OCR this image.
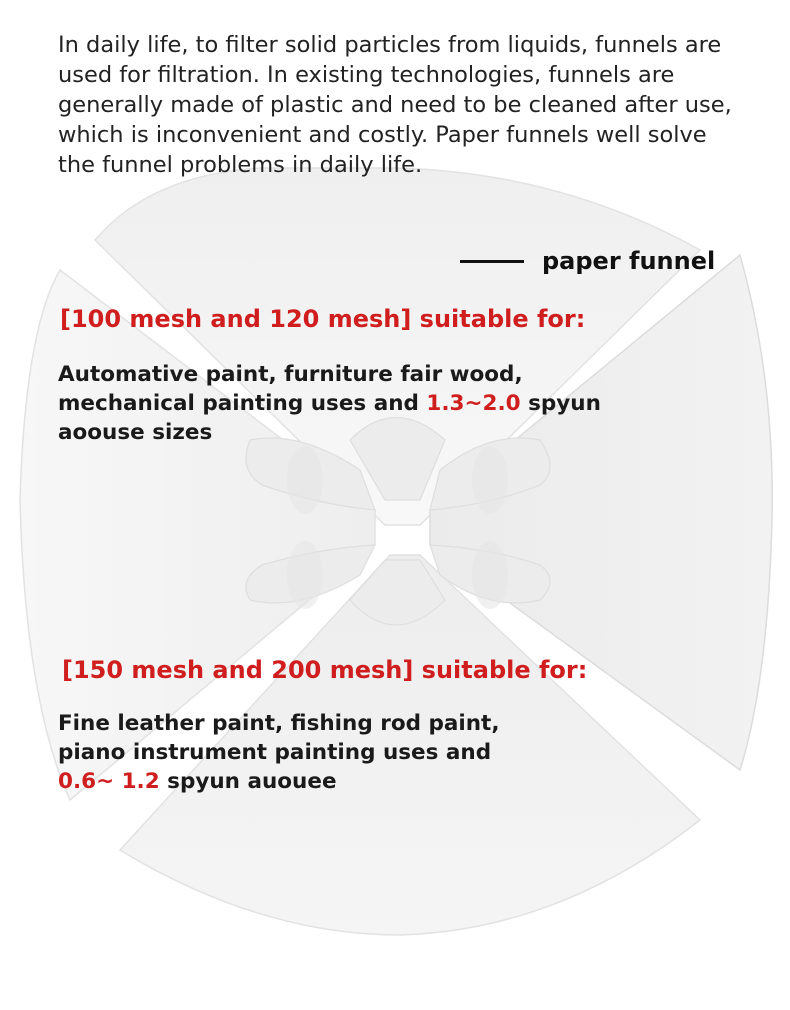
In daily life, to filter solid particles from liquids, funnels are
used for filtration. In existing technologies, funnels are
generally made of plastic and need to be cleaned after use,
which is inconvenient and costly. Paper funnels well solve
the funnel problems in daily life.

paper funnel
[100 mesh and 120 mesh] suitable for:

Automative paint, furniture fair wood,
mechanical painting uses and 1.3~2.0 spyun
aoouse sizes

[150 mesh and 200 mesh] suitable for:

Fine leather paint, fishing rod paint,
piano instrument painting uses and
0.6~ 1.2 spyun auouee
